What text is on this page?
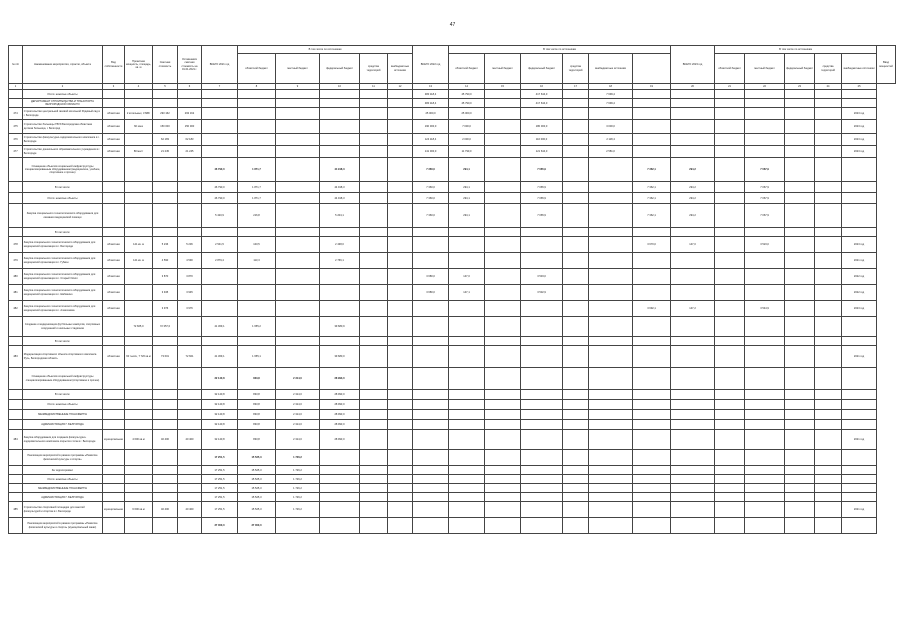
47
№ п/п	Наименование мероприятия, отрасли, объекта	Вид собственности	Проектная мощность, площадь, кв. м	Сметная стоимость	Оставшаяся сметная стоимость на 01.01.2021 г.	ВСЕГО 2021 год	В том числе по источникам					ВСЕГО 2022 год	В том числе по источникам						ВСЕГО 2023 год	В том числе по источникам					Ввод мощностей
							областной бюджет	местный бюджет	федеральный бюджет	средства территорий	внебюджетные источники		областной бюджет	местный бюджет	федеральный бюджет	средства территорий	внебюджетные источники			областной бюджет	местный бюджет	федеральный бюджет	средства территорий	внебюджетные источники	
1	2	3	4	5	6	7	8	9	10	11	12	13	14	15	16	17	18	19	20	21	22	23	24	25	
	Итого: нежилые объекты											480 118,4	45 790,0		417 644,0		7 699,4								
	ДЕПАРТАМЕНТ СТРОИТЕЛЬСТВА И ТРАНСПОРТА БЕЛГОРОДСКОЙ ОБЛАСТИ											480 118,4	45 790,0		417 644,0		7 699,4								
474	Строительство центральной газовой котельной Родимый сад в г. Белгороде	областная	2 котельных, 3 МВт	293 162	293 162							25 000,0	25 000,0											2023 год	
475	Строительство больницы ГБУЗ Белгородская областная детская больница, г. Белгород	областная	60 коек	150 000	150 000							190 000,0	7 000,0		180 000,0		3 000,0							2023 год	
476	Строительство физкультурно-оздоровительного комплекса в г. Белгороде	областная		62 183	62 183							124 118,4	2 000,0		116 000,0		2 118,4							2023 год	
477	Строительство дошкольного образовательного учреждения в г. Белгороде	областная	80 мест	21 245	21 245							141 000,0	11 790,0		121 644,0		2 581,0							2023 год	
	Оснащение объектов социальной инфраструктуры специализированным оборудованием (медицинское, учебное, спортивное и прочее)					46 790,0	1 871,7		44 918,3			7 360,0	294,1		7 065,9			7 362,1	294,2		7 067,9				
	В том числе:					46 790,0	1 871,7		44 918,3			7 360,0	294,1		7 065,9			7 362,1	294,2		7 067,9				
	Итого: нежилые объекты					46 790,0	1 871,7		44 918,3			7 360,0	294,1		7 065,9			7 362,1	294,2		7 067,9				
	Закупка специального технологического оборудования для оказания медицинской помощи					5 420,9	216,8		5 204,1			7 360,0	294,1		7 065,9			7 362,1	294,2		7 067,9				
	В том числе:																								
478	Закупка специального технологического оборудования для медицинской организации в г. Белгороде	областная	141 кв. м	5 236	5 236	2 541,5	103,5		2 438,0									3 670,0	147,0		3 523,0			2023 год	
479	Закупка специального технологического оборудования для медицинской организации в г. Губкин	областная	141 кв. м	4 590	4 590	2 879,4	113,3		2 766,1															2021 год	
480	Закупка специального технологического оборудования для медицинской организации в г. Старый Оскол	областная		3 870	3 870							3 680,0	147,0		3 533,0									2022 год	
481	Закупка специального технологического оборудования для медицинской организации в г. Шебекино	областная		3 945	3 945							3 680,0	147,1		3 532,9									2022 год	
482	Закупка специального технологического оборудования для медицинской организации в г. Алексеевка	областная		3 976	3 976													3 692,1	147,2		3 544,9			2023 год	
	Создание и модернизация футбольных кампусов, спортивных сооружений и школьных стадионов		72 665,0	72 357,0		41 369,1	1 655,2		39 680,9																
	В том числе:																								
483	Модернизация спортивного объекта спортивного комплекса Русь, Белгородская область	областная	60 тысяч, 7 720 кв.м	73 601	72 601	41 369,1	1 655,1		39 680,0															2021 год	
	Оснащение объектов социальной инфраструктуры специализированным оборудованием (спортивное и прочее)					32 140,8	833,8	2 314,0	28 993,0																
	В том числе:					32 140,8	833,8	2 314,0	28 993,0																
	Итого: нежилые объекты					32 140,8	833,8	2 314,0	28 993,0																
	МЕЖВЕДОМСТВЕННЫЕ ТРАНСФЕРТЫ					32 140,8	833,8	2 314,0	28 993,0																
	АДМИНИСТРАЦИЯ Г. БЕЛГОРОДА					32 140,8	833,8	2 314,0	28 993,0																
484	Закупка оборудования для создания физкультурно-оздоровительного комплекса открытого типа в г. Белгороде	муниципальная	4 600 кв.м	40 400	40 400	32 140,8	833,8	2 314,0	28 993,0															2021 год	
	Реализация мероприятий в рамках программы «Развитие физической культуры и спорта»					17 251,5	15 525,3	1 726,2																	
	За территориями:					17 251,5	15 525,3	1 726,2																	
	Итого: нежилые объекты					17 251,5	15 525,3	1 726,2																	
	МЕЖВЕДОМСТВЕННЫЕ ТРАНСФЕРТЫ					17 251,5	15 525,3	1 726,2																	
	АДМИНИСТРАЦИЯ Г. БЕЛГОРОДА					17 251,5	15 525,3	1 726,2																	
485	Строительство спортивной площадки для занятий физкультурой и спортом в г. Белгороде	муниципальная	6 600 кв.м	40 400	40 400	17 251,5	15 525,3	1 726,2																2021 год	
	Реализация мероприятий в рамках программы «Развитие физической культуры и спорта» (муниципальный заказ)					37 000,0	37 000,0																		
